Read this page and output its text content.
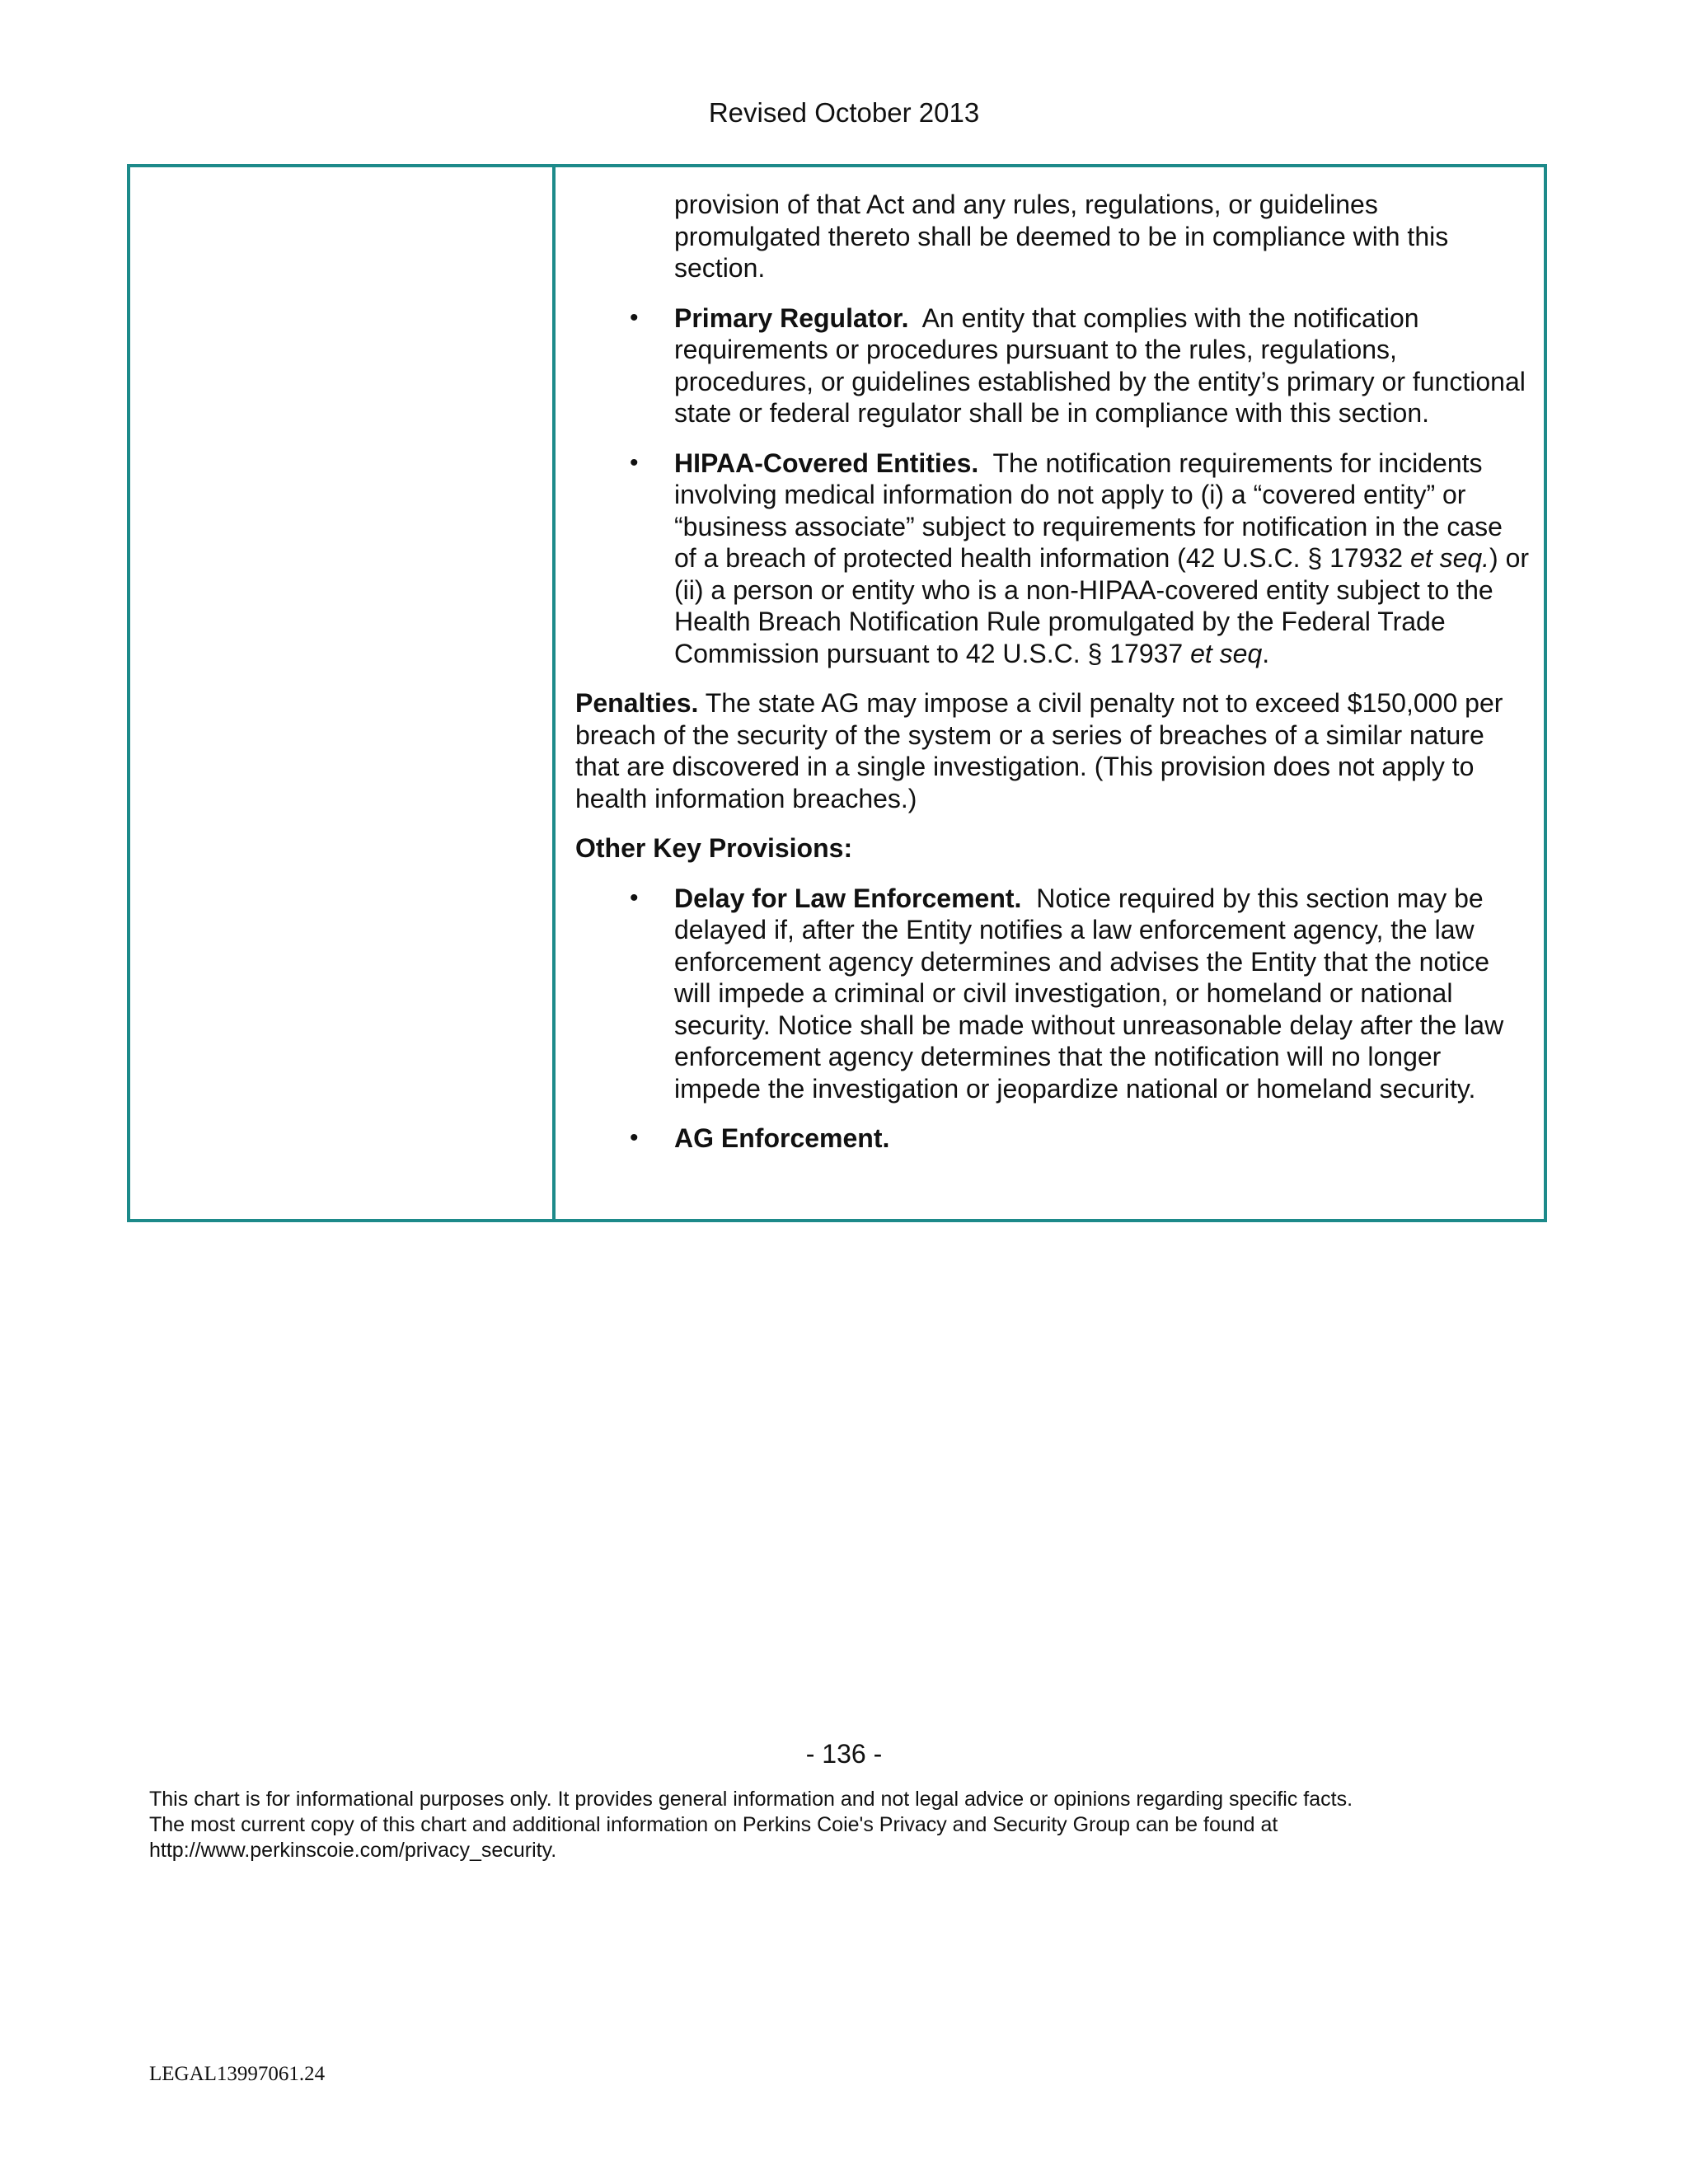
Revised October 2013
provision of that Act and any rules, regulations, or guidelines promulgated thereto shall be deemed to be in compliance with this section.
• Primary Regulator. An entity that complies with the notification requirements or procedures pursuant to the rules, regulations, procedures, or guidelines established by the entity’s primary or functional state or federal regulator shall be in compliance with this section.
• HIPAA-Covered Entities. The notification requirements for incidents involving medical information do not apply to (i) a “covered entity” or “business associate” subject to requirements for notification in the case of a breach of protected health information (42 U.S.C. § 17932 et seq.) or (ii) a person or entity who is a non-HIPAA-covered entity subject to the Health Breach Notification Rule promulgated by the Federal Trade Commission pursuant to 42 U.S.C. § 17937 et seq.
Penalties. The state AG may impose a civil penalty not to exceed $150,000 per breach of the security of the system or a series of breaches of a similar nature that are discovered in a single investigation. (This provision does not apply to health information breaches.)
Other Key Provisions:
• Delay for Law Enforcement. Notice required by this section may be delayed if, after the Entity notifies a law enforcement agency, the law enforcement agency determines and advises the Entity that the notice will impede a criminal or civil investigation, or homeland or national security. Notice shall be made without unreasonable delay after the law enforcement agency determines that the notification will no longer impede the investigation or jeopardize national or homeland security.
• AG Enforcement.
- 136 -
This chart is for informational purposes only. It provides general information and not legal advice or opinions regarding specific facts.
The most current copy of this chart and additional information on Perkins Coie's Privacy and Security Group can be found at
http://www.perkinscoie.com/privacy_security.
LEGAL13997061.24
